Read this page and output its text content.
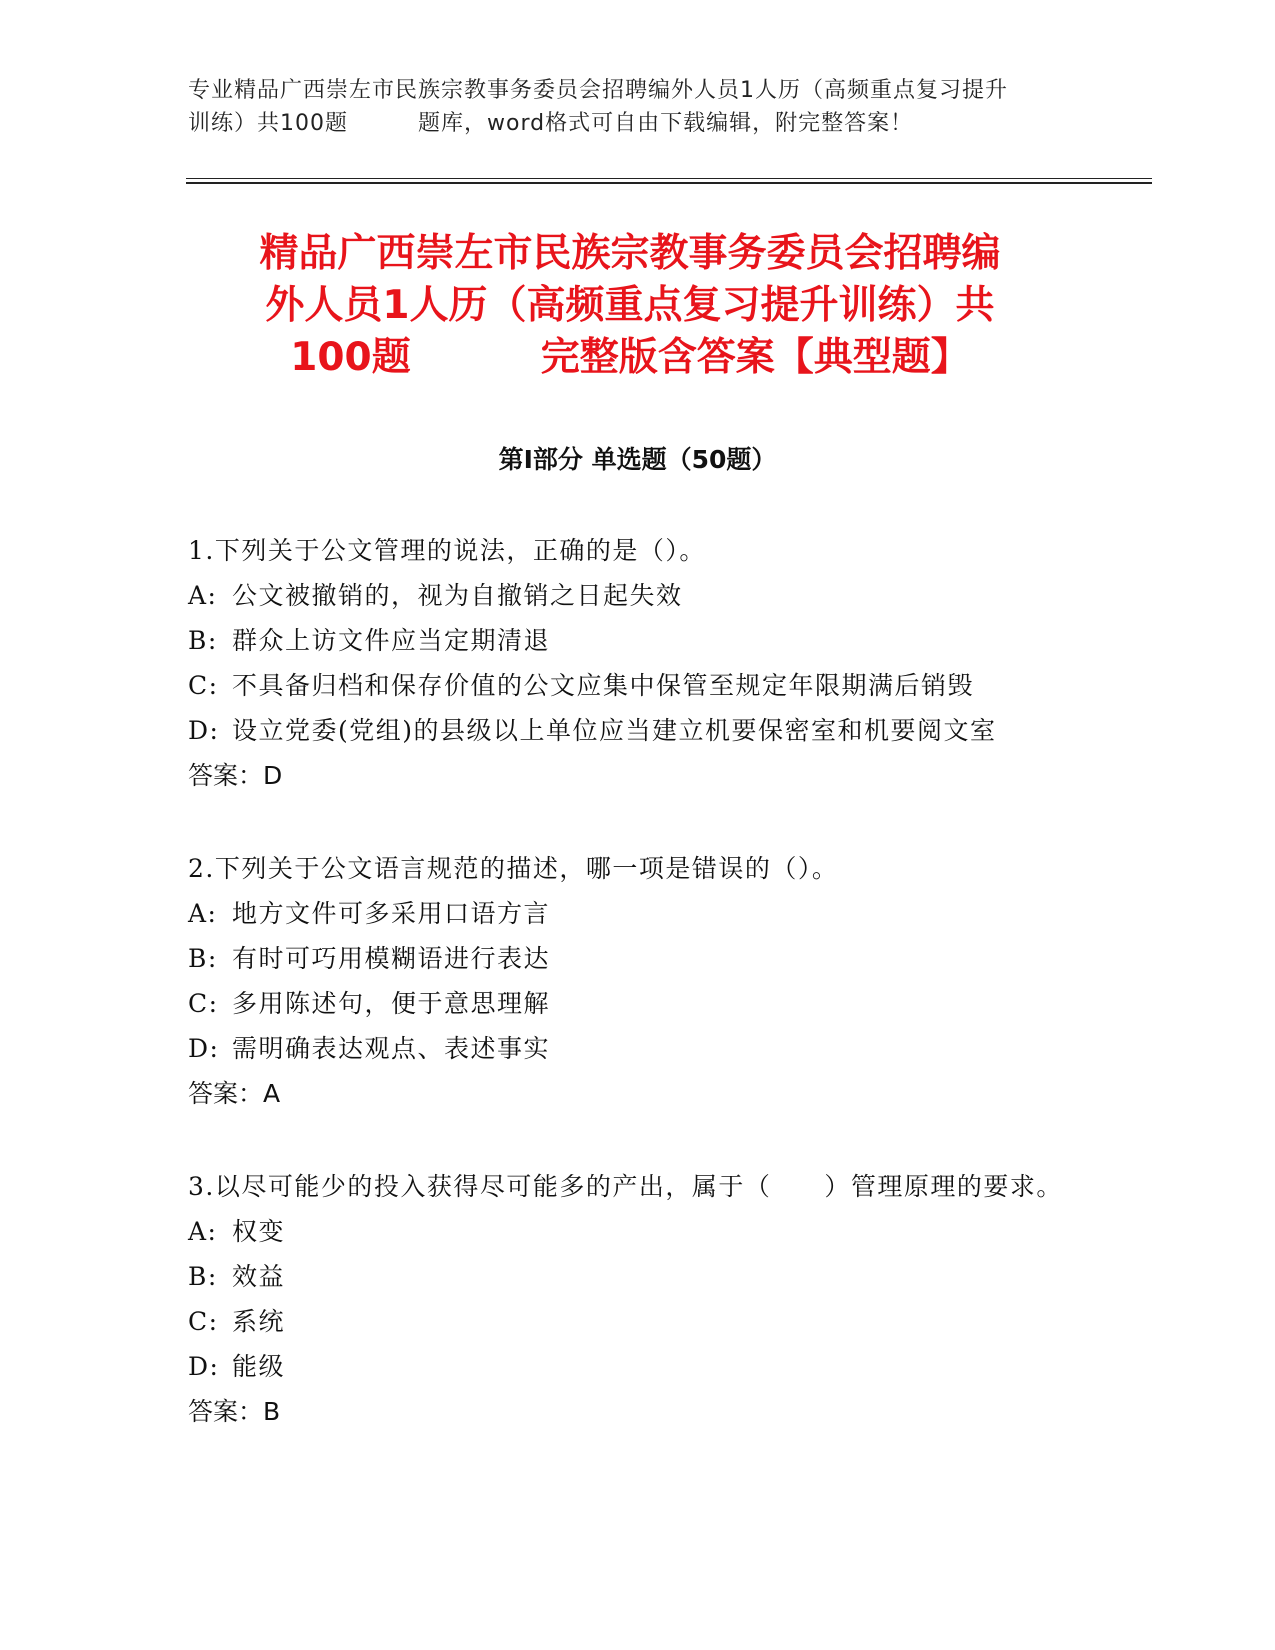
专业精品广西崇左市民族宗教事务委员会招聘编外人员1人历（高频重点复习提升
训练）共100题	题库，word格式可自由下载编辑，附完整答案！
精品广西崇左市民族宗教事务委员会招聘编
外人员1人历（高频重点复习提升训练）共
100题	完整版含答案【典型题】
第Ⅰ部分 单选题（50题）
1.下列关于公文管理的说法，正确的是（）。
A: 公文被撤销的，视为自撤销之日起失效
B: 群众上访文件应当定期清退
C: 不具备归档和保存价值的公文应集中保管至规定年限期满后销毁
D: 设立党委(党组)的县级以上单位应当建立机要保密室和机要阅文室
答案：D
2.下列关于公文语言规范的描述，哪一项是错误的（）。
A: 地方文件可多采用口语方言
B: 有时可巧用模糊语进行表达
C: 多用陈述句，便于意思理解
D: 需明确表达观点、表述事实
答案：A
3.以尽可能少的投入获得尽可能多的产出，属于（　　）管理原理的要求。
A: 权变
B: 效益
C: 系统
D: 能级
答案：B
